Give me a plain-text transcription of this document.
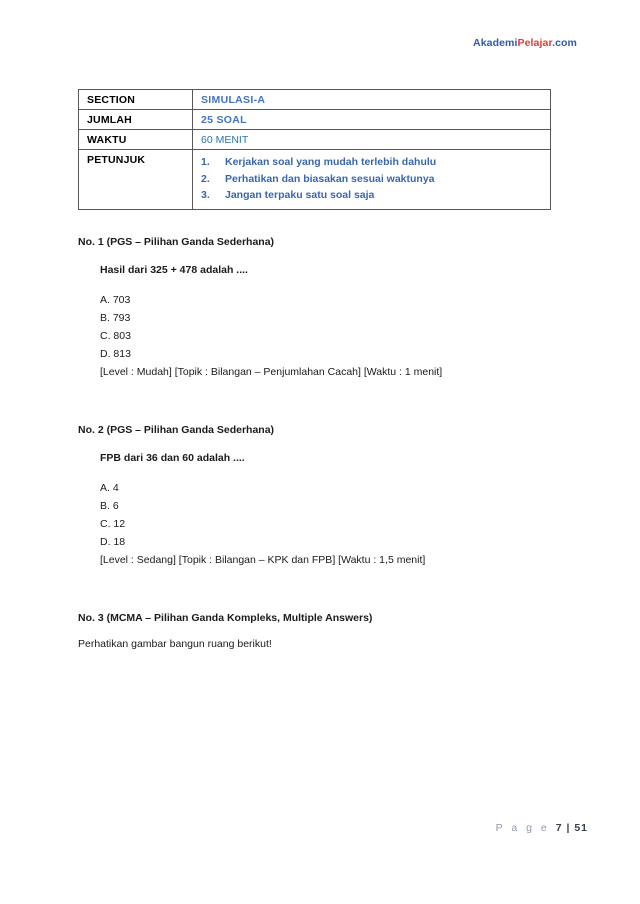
AkademiPelajar.com
SECTION	SIMULASI-A
JUMLAH	25 SOAL
WAKTU	60 MENIT
PETUNJUK	1.	Kerjakan soal yang mudah terlebih dahulu
2.	Perhatikan dan biasakan sesuai waktunya
3.	Jangan terpaku satu soal saja
No. 1 (PGS – Pilihan Ganda Sederhana)
Hasil dari 325 + 478 adalah ....
A. 703
B. 793
C. 803
D. 813
[Level : Mudah] [Topik : Bilangan – Penjumlahan Cacah] [Waktu : 1 menit]
No. 2 (PGS – Pilihan Ganda Sederhana)
FPB dari 36 dan 60 adalah ....
A. 4
B. 6
C. 12
D. 18
[Level : Sedang] [Topik : Bilangan – KPK dan FPB] [Waktu : 1,5 menit]
No. 3 (MCMA – Pilihan Ganda Kompleks, Multiple Answers)
Perhatikan gambar bangun ruang berikut!
P a g e 7 | 51
